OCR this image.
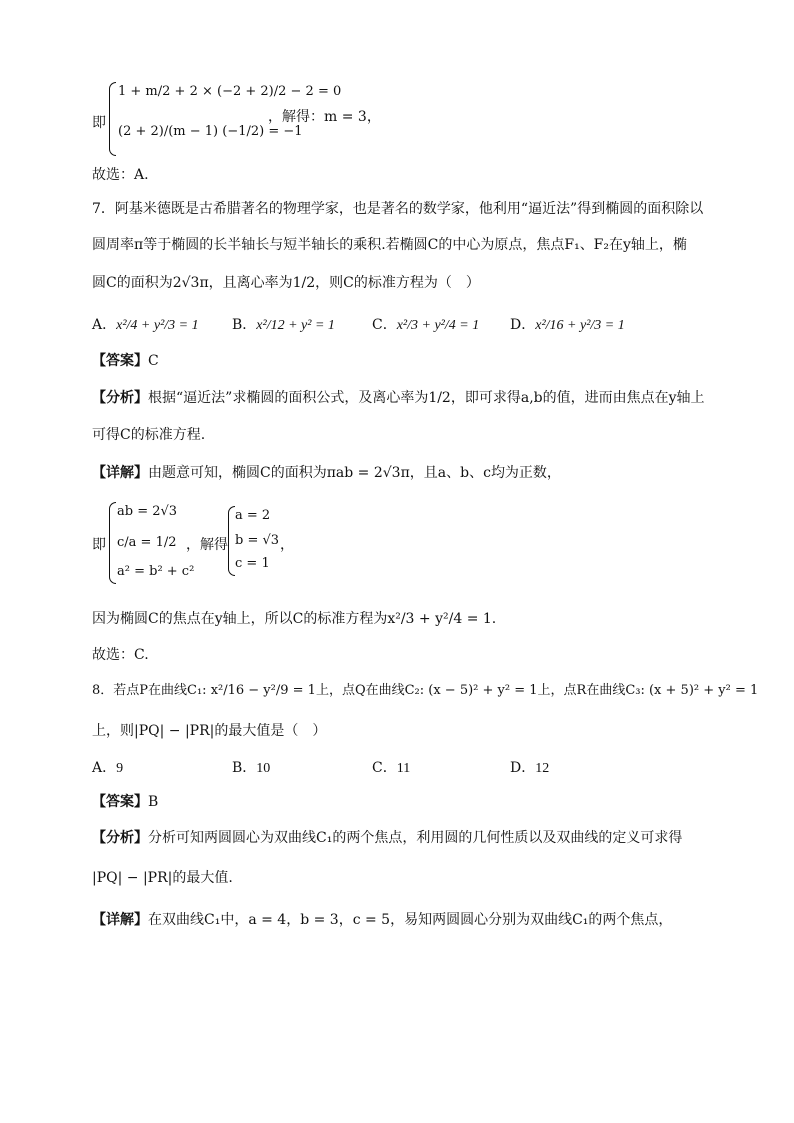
即
1 + m/2 + 2 × (−2 + 2)/2 − 2 = 0
(2 + 2)/(m − 1) (−1/2) = −1
，解得：m = 3，
故选：A.
7．阿基米德既是古希腊著名的物理学家，也是著名的数学家，他利用“逼近法”得到椭圆的面积除以
圆周率π等于椭圆的长半轴长与短半轴长的乘积.若椭圆C的中心为原点，焦点F₁、F₂在y轴上，椭
圆C的面积为2√3π，且离心率为1/2，则C的标准方程为（　）
A．x²/4 + y²/3 = 1 B．x²/12 + y² = 1	C．x²/3 + y²/4 = 1 D．x²/16 + y²/3 = 1
【答案】C
【分析】根据“逼近法”求椭圆的面积公式，及离心率为1/2，即可求得a,b的值，进而由焦点在y轴上
可得C的标准方程.
【详解】由题意可知，椭圆C的面积为πab = 2√3π，且a、b、c均为正数，
即
ab = 2√3
c/a = 1/2
a² = b² + c²
，解得
a = 2
b = √3
c = 1
，
因为椭圆C的焦点在y轴上，所以C的标准方程为x²/3 + y²/4 = 1.
故选：C.
8．若点P在曲线C₁: x²/16 − y²/9 = 1上，点Q在曲线C₂: (x − 5)² + y² = 1上，点R在曲线C₃: (x + 5)² + y² = 1
上，则|PQ| − |PR|的最大值是（　）
A．9	B．10	C．11	D．12
【答案】B
【分析】分析可知两圆圆心为双曲线C₁的两个焦点，利用圆的几何性质以及双曲线的定义可求得
|PQ| − |PR|的最大值.
【详解】在双曲线C₁中，a = 4，b = 3，c = 5，易知两圆圆心分别为双曲线C₁的两个焦点，
